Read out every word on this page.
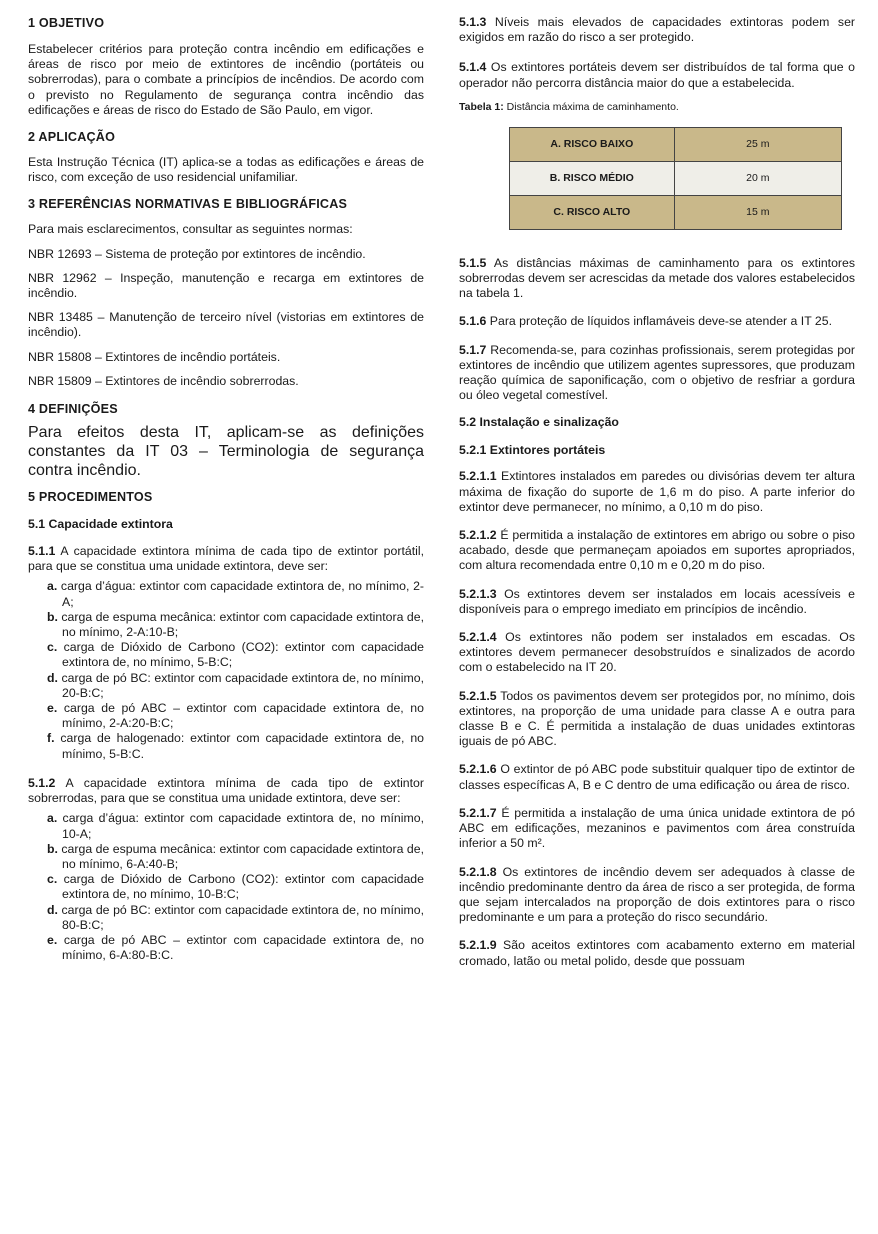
1 OBJETIVO

Estabelecer critérios para proteção contra incêndio em edificações e áreas de risco por meio de extintores de incêndio (portáteis ou sobrerrodas), para o combate a princípios de incêndios. De acordo com o previsto no Regulamento de segurança contra incêndio das edificações e áreas de risco do Estado de São Paulo, em vigor.

2 APLICAÇÃO

Esta Instrução Técnica (IT) aplica-se a todas as edificações e áreas de risco, com exceção de uso residencial unifamiliar.

3 REFERÊNCIAS NORMATIVAS E BIBLIOGRÁFICAS

Para mais esclarecimentos, consultar as seguintes normas:

NBR 12693 – Sistema de proteção por extintores de incêndio.

NBR 12962 – Inspeção, manutenção e recarga em extintores de incêndio.

NBR 13485 – Manutenção de terceiro nível (vistorias em extintores de incêndio).

NBR 15808 – Extintores de incêndio portáteis.

NBR 15809 – Extintores de incêndio sobrerrodas.

4 DEFINIÇÕES

Para efeitos desta IT, aplicam-se as definições constantes da IT 03 – Terminologia de segurança contra incêndio.

5 PROCEDIMENTOS

5.1 Capacidade extintora

5.1.1 A capacidade extintora mínima de cada tipo de extintor portátil, para que se constitua uma unidade extintora, deve ser:

a. carga d’água: extintor com capacidade extintora de, no mínimo, 2-A;
b. carga de espuma mecânica: extintor com capacidade extintora de, no mínimo, 2-A:10-B;
c. carga de Dióxido de Carbono (CO2): extintor com capacidade extintora de, no mínimo, 5-B:C;
d. carga de pó BC: extintor com capacidade extintora de, no mínimo, 20-B:C;
e. carga de pó ABC – extintor com capacidade extintora de, no mínimo, 2-A:20-B:C;
f. carga de halogenado: extintor com capacidade extintora de, no mínimo, 5-B:C.

5.1.2 A capacidade extintora mínima de cada tipo de extintor sobrerrodas, para que se constitua uma unidade extintora, deve ser:

a. carga d’água: extintor com capacidade extintora de, no mínimo, 10-A;
b. carga de espuma mecânica: extintor com capacidade extintora de, no mínimo, 6-A:40-B;
c. carga de Dióxido de Carbono (CO2): extintor com capacidade extintora de, no mínimo, 10-B:C;
d. carga de pó BC: extintor com capacidade extintora de, no mínimo, 80-B:C;
e. carga de pó ABC – extintor com capacidade extintora de, no mínimo, 6-A:80-B:C.

5.1.3 Níveis mais elevados de capacidades extintoras podem ser exigidos em razão do risco a ser protegido.

5.1.4 Os extintores portáteis devem ser distribuídos de tal forma que o operador não percorra distância maior do que a estabelecida.

Tabela 1: Distância máxima de caminhamento.

A. RISCO BAIXO	25 m
B. RISCO MÉDIO	20 m
C. RISCO ALTO	15 m

5.1.5 As distâncias máximas de caminhamento para os extintores sobrerrodas devem ser acrescidas da metade dos valores estabelecidos na tabela 1.

5.1.6 Para proteção de líquidos inflamáveis deve-se atender a IT 25.

5.1.7 Recomenda-se, para cozinhas profissionais, serem protegidas por extintores de incêndio que utilizem agentes supressores, que produzam reação química de saponificação, com o objetivo de resfriar a gordura ou óleo vegetal comestível.

5.2 Instalação e sinalização

5.2.1 Extintores portáteis

5.2.1.1 Extintores instalados em paredes ou divisórias devem ter altura máxima de fixação do suporte de 1,6 m do piso. A parte inferior do extintor deve permanecer, no mínimo, a 0,10 m do piso.

5.2.1.2 É permitida a instalação de extintores em abrigo ou sobre o piso acabado, desde que permaneçam apoiados em suportes apropriados, com altura recomendada entre 0,10 m e 0,20 m do piso.

5.2.1.3 Os extintores devem ser instalados em locais acessíveis e disponíveis para o emprego imediato em princípios de incêndio.

5.2.1.4 Os extintores não podem ser instalados em escadas. Os extintores devem permanecer desobstruídos e sinalizados de acordo com o estabelecido na IT 20.

5.2.1.5 Todos os pavimentos devem ser protegidos por, no mínimo, dois extintores, na proporção de uma unidade para classe A e outra para classe B e C. É permitida a instalação de duas unidades extintoras iguais de pó ABC.

5.2.1.6 O extintor de pó ABC pode substituir qualquer tipo de extintor de classes específicas A, B e C dentro de uma edificação ou área de risco.

5.2.1.7 É permitida a instalação de uma única unidade extintora de pó ABC em edificações, mezaninos e pavimentos com área construída inferior a 50 m².

5.2.1.8 Os extintores de incêndio devem ser adequados à classe de incêndio predominante dentro da área de risco a ser protegida, de forma que sejam intercalados na proporção de dois extintores para o risco predominante e um para a proteção do risco secundário.

5.2.1.9 São aceitos extintores com acabamento externo em material cromado, latão ou metal polido, desde que possuam
